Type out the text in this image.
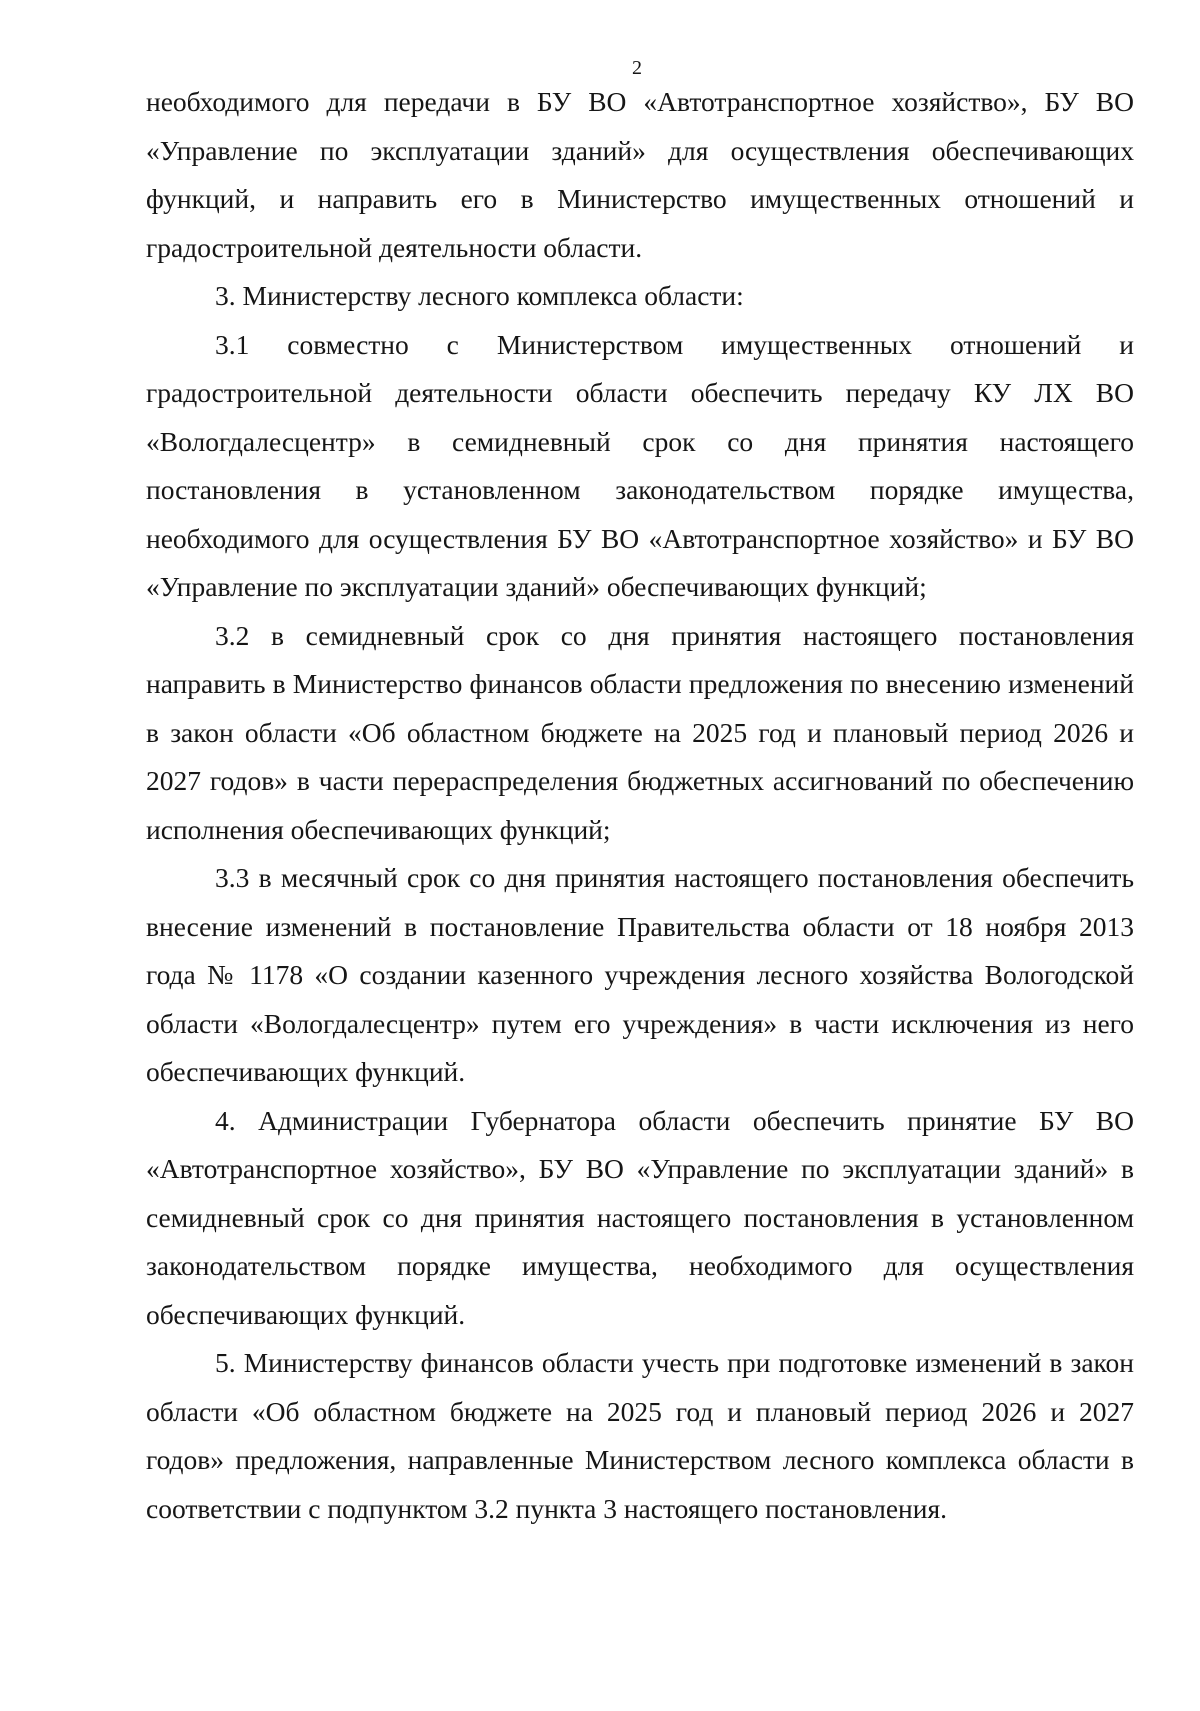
2

необходимого для передачи в БУ ВО «Автотранспортное хозяйство», БУ ВО «Управление по эксплуатации зданий» для осуществления обеспечивающих функций, и направить его в Министерство имущественных отношений и градостроительной деятельности области.

3. Министерству лесного комплекса области:

3.1 совместно с Министерством имущественных отношений и градостроительной деятельности области обеспечить передачу КУ ЛХ ВО «Вологдалесцентр» в семидневный срок со дня принятия настоящего постановления в установленном законодательством порядке имущества, необходимого для осуществления БУ ВО «Автотранспортное хозяйство» и БУ ВО «Управление по эксплуатации зданий» обеспечивающих функций;

3.2 в семидневный срок со дня принятия настоящего постановления направить в Министерство финансов области предложения по внесению изменений в закон области «Об областном бюджете на 2025 год и плановый период 2026 и 2027 годов» в части перераспределения бюджетных ассигнований по обеспечению исполнения обеспечивающих функций;

3.3 в месячный срок со дня принятия настоящего постановления обеспечить внесение изменений в постановление Правительства области от 18 ноября 2013 года № 1178 «О создании казенного учреждения лесного хозяйства Вологодской области «Вологдалесцентр» путем его учреждения» в части исключения из него обеспечивающих функций.

4. Администрации Губернатора области обеспечить принятие БУ ВО «Автотранспортное хозяйство», БУ ВО «Управление по эксплуатации зданий» в семидневный срок со дня принятия настоящего постановления в установленном законодательством порядке имущества, необходимого для осуществления обеспечивающих функций.

5. Министерству финансов области учесть при подготовке изменений в закон области «Об областном бюджете на 2025 год и плановый период 2026 и 2027 годов» предложения, направленные Министерством лесного комплекса области в соответствии с подпунктом 3.2 пункта 3 настоящего постановления.
